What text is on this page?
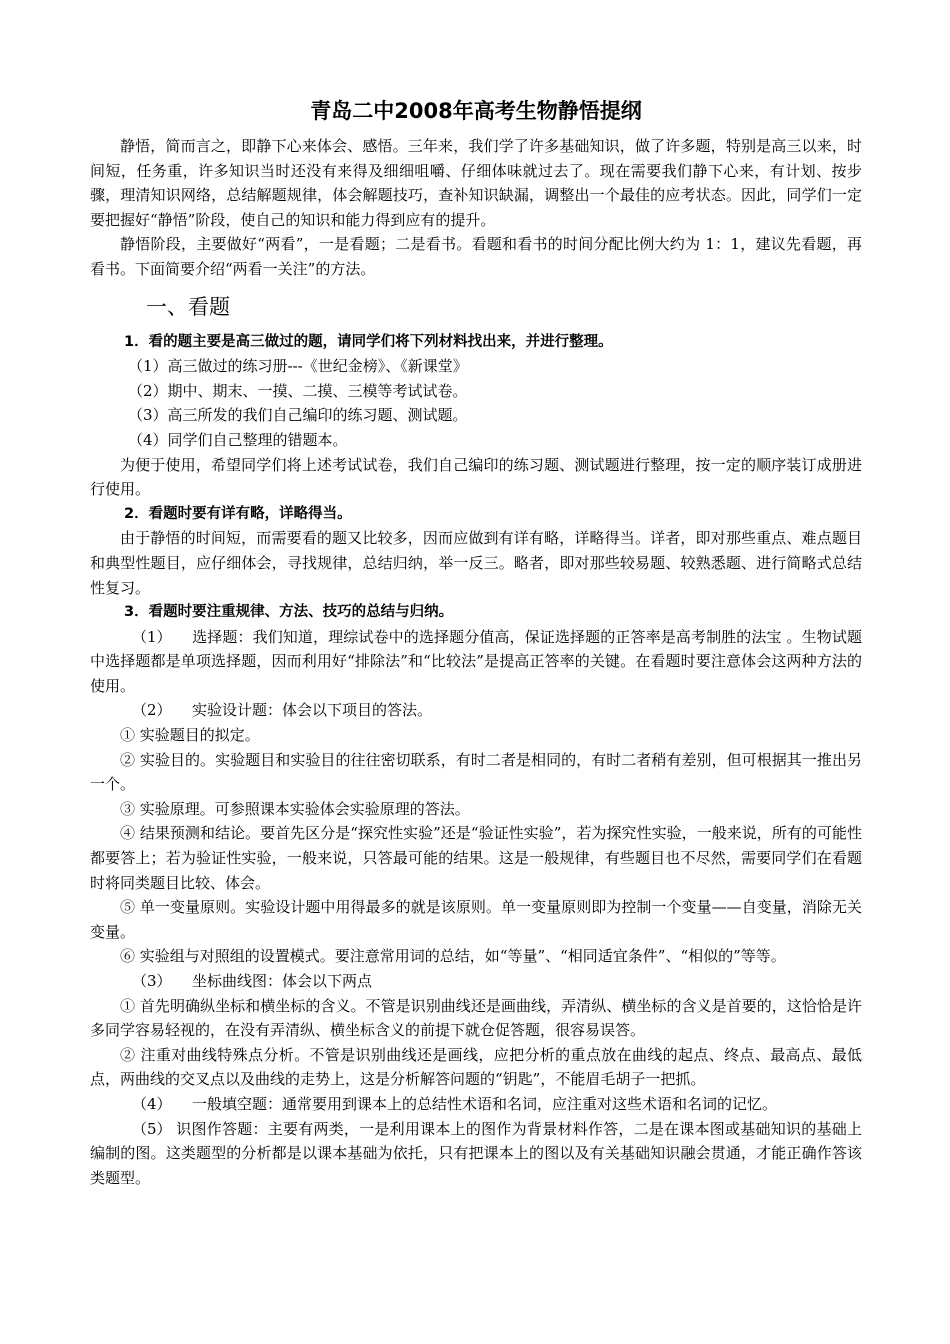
青岛二中2008年高考生物静悟提纲

静悟，简而言之，即静下心来体会、感悟。三年来，我们学了许多基础知识，做了许多题，特别是高三以来，时间短，任务重，许多知识当时还没有来得及细细咀嚼、仔细体味就过去了。现在需要我们静下心来，有计划、按步骤，理清知识网络，总结解题规律，体会解题技巧，查补知识缺漏，调整出一个最佳的应考状态。因此，同学们一定要把握好“静悟”阶段，使自己的知识和能力得到应有的提升。

静悟阶段，主要做好“两看”，一是看题；二是看书。看题和看书的时间分配比例大约为 1：1，建议先看题，再看书。下面简要介绍“两看一关注”的方法。

一、看题

1．看的题主要是高三做过的题，请同学们将下列材料找出来，并进行整理。

（1）高三做过的练习册---《世纪金榜》、《新课堂》

（2）期中、期末、一摸、二摸、三模等考试试卷。

（3）高三所发的我们自己编印的练习题、测试题。

（4）同学们自己整理的错题本。

为便于使用，希望同学们将上述考试试卷，我们自己编印的练习题、测试题进行整理，按一定的顺序装订成册进行使用。

2．看题时要有详有略，详略得当。

由于静悟的时间短，而需要看的题又比较多，因而应做到有详有略，详略得当。详者，即对那些重点、难点题目和典型性题目，应仔细体会，寻找规律，总结归纳，举一反三。略者，即对那些较易题、较熟悉题、进行简略式总结性复习。

3．看题时要注重规律、方法、技巧的总结与归纳。

（1） 选择题：我们知道，理综试卷中的选择题分值高，保证选择题的正答率是高考制胜的法宝 。生物试题中选择题都是单项选择题，因而利用好“排除法”和“比较法”是提高正答率的关键。在看题时要注意体会这两种方法的使用。

（2） 实验设计题：体会以下项目的答法。

① 实验题目的拟定。

② 实验目的。实验题目和实验目的往往密切联系，有时二者是相同的，有时二者稍有差别，但可根据其一推出另一个。

③ 实验原理。可参照课本实验体会实验原理的答法。

④ 结果预测和结论。要首先区分是“探究性实验”还是“验证性实验”，若为探究性实验，一般来说，所有的可能性都要答上；若为验证性实验，一般来说，只答最可能的结果。这是一般规律，有些题目也不尽然，需要同学们在看题时将同类题目比较、体会。

⑤ 单一变量原则。实验设计题中用得最多的就是该原则。单一变量原则即为控制一个变量——自变量，消除无关变量。

⑥ 实验组与对照组的设置模式。要注意常用词的总结，如“等量”、“相同适宜条件”、“相似的”等等。

（3） 坐标曲线图：体会以下两点

① 首先明确纵坐标和横坐标的含义。不管是识别曲线还是画曲线，弄清纵、横坐标的含义是首要的，这恰恰是许多同学容易轻视的，在没有弄清纵、横坐标含义的前提下就仓促答题，很容易误答。

② 注重对曲线特殊点分析。不管是识别曲线还是画线，应把分析的重点放在曲线的起点、终点、最高点、最低点，两曲线的交叉点以及曲线的走势上，这是分析解答问题的“钥匙”，不能眉毛胡子一把抓。

（4） 一般填空题：通常要用到课本上的总结性术语和名词，应注重对这些术语和名词的记忆。

（5） 识图作答题：主要有两类，一是利用课本上的图作为背景材料作答，二是在课本图或基础知识的基础上编制的图。这类题型的分析都是以课本基础为依托，只有把课本上的图以及有关基础知识融会贯通，才能正确作答该类题型。
